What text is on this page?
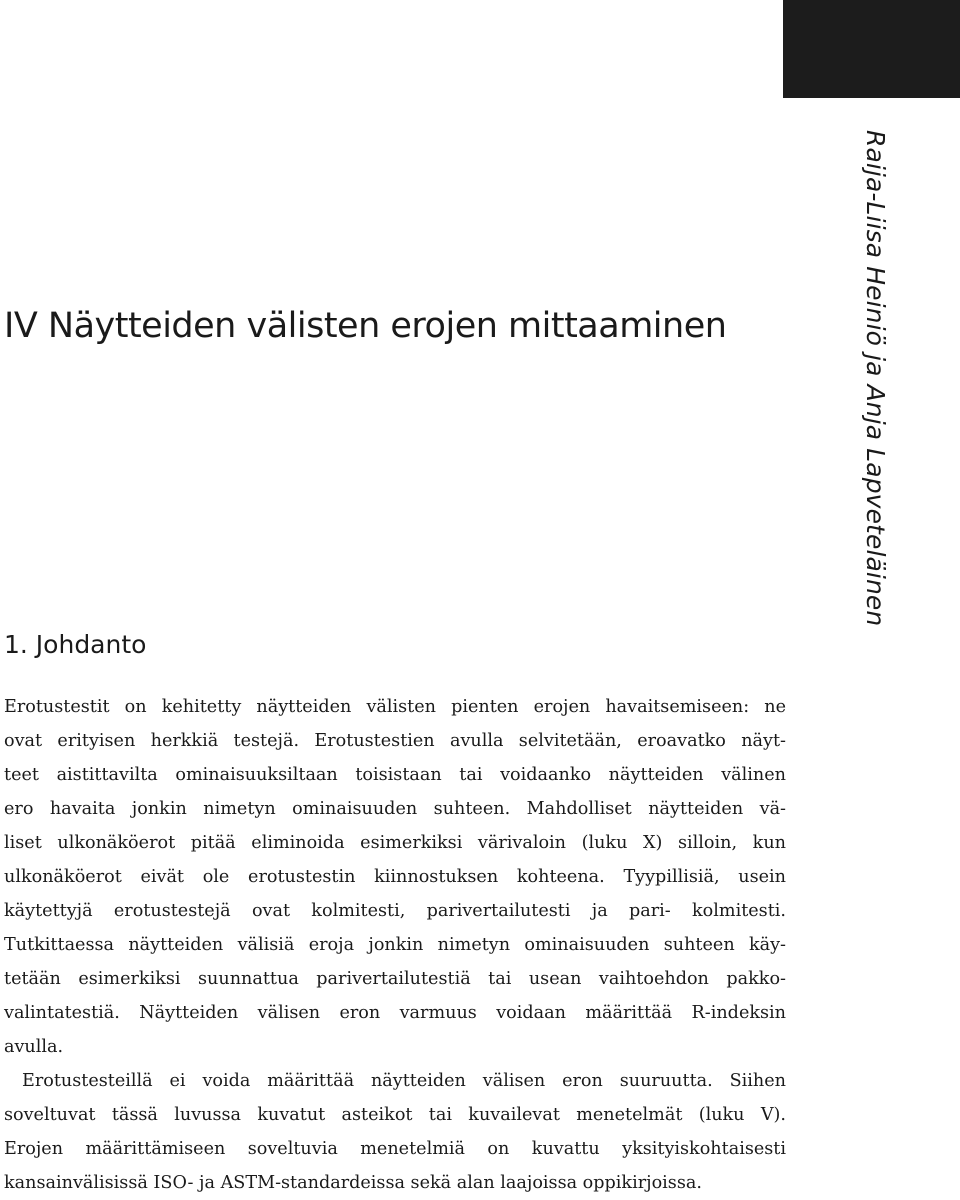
Raija-Liisa Heiniö ja Anja Lapveteläinen
IV Näytteiden välisten erojen mittaaminen
1. Johdanto
Erotustestit on kehitetty näytteiden välisten pienten erojen havaitsemiseen: ne
ovat erityisen herkkiä testejä. Erotustestien avulla selvitetään, eroavatko näyt-
teet aistittavilta ominaisuuksiltaan toisistaan tai voidaanko näytteiden välinen
ero havaita jonkin nimetyn ominaisuuden suhteen. Mahdolliset näytteiden vä-
liset ulkonäköerot pitää eliminoida esimerkiksi värivaloin (luku X) silloin, kun
ulkonäköerot eivät ole erotustestin kiinnostuksen kohteena. Tyypillisiä, usein
käytettyjä erotustestejä ovat kolmitesti, parivertailutesti ja pari- kolmitesti.
Tutkittaessa näytteiden välisiä eroja jonkin nimetyn ominaisuuden suhteen käy-
tetään esimerkiksi suunnattua parivertailutestiä tai usean vaihtoehdon pakko-
valintatestiä. Näytteiden välisen eron varmuus voidaan määrittää R-indeksin
avulla.
Erotustesteillä ei voida määrittää näytteiden välisen eron suuruutta. Siihen
soveltuvat tässä luvussa kuvatut asteikot tai kuvailevat menetelmät (luku V).
Erojen määrittämiseen soveltuvia menetelmiä on kuvattu yksityiskohtaisesti
kansainvälisissä ISO- ja ASTM-standardeissa sekä alan laajoissa oppikirjoissa.
